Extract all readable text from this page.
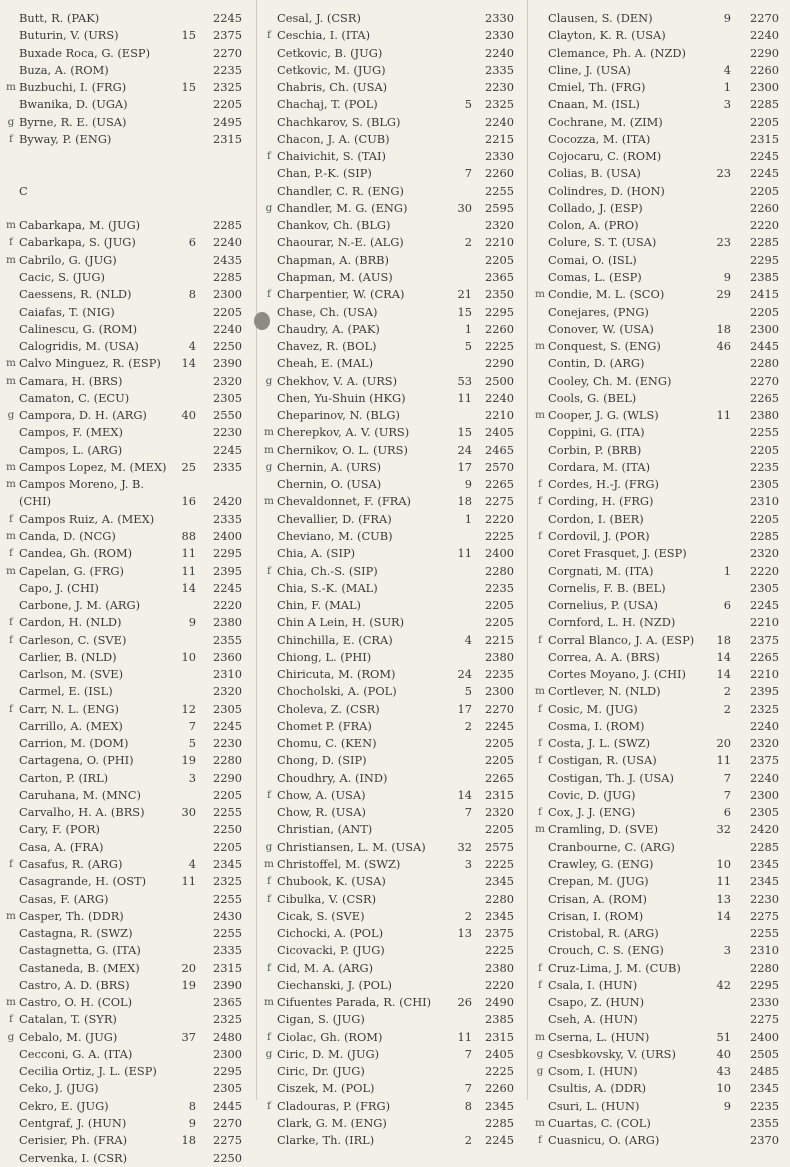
Butt, R. (PAK)	2245
Buturin, V. (URS)	15	2375
Buxade Roca, G. (ESP)	2270
Buza, A. (ROM)	2235
m Buzbuchi, I. (FRG)	15	2325
Bwanika, D. (UGA)	2205
g Byrne, R. E. (USA)	2495
f Byway, P. (ENG)	2315
C
m Cabarkapa, M. (JUG)	2285
f Cabarkapa, S. (JUG)	6	2240
m Cabrilo, G. (JUG)	2435
Cacic, S. (JUG)	2285
Caessens, R. (NLD)	8	2300
Caiafas, T. (NIG)	2205
Calinescu, G. (ROM)	2240
Calogridis, M. (USA)	4	2250
m Calvo Minguez, R. (ESP)	14	2390
m Camara, H. (BRS)	2320
Camaton, C. (ECU)	2305
g Campora, D. H. (ARG)	40	2550
Campos, F. (MEX)	2230
Campos, L. (ARG)	2245
m Campos Lopez, M. (MEX)	25	2335
m Campos Moreno, J. B.
(CHI)	16	2420
f Campos Ruiz, A. (MEX)	2335
m Canda, D. (NCG)	88	2400
f Candea, Gh. (ROM)	11	2295
m Capelan, G. (FRG)	11	2395
Capo, J. (CHI)	14	2245
Carbone, J. M. (ARG)	2220
f Cardon, H. (NLD)	9	2380
f Carleson, C. (SVE)	2355
Carlier, B. (NLD)	10	2360
Carlson, M. (SVE)	2310
Carmel, E. (ISL)	2320
f Carr, N. L. (ENG)	12	2305
Carrillo, A. (MEX)	7	2245
Carrion, M. (DOM)	5	2230
Cartagena, O. (PHI)	19	2280
Carton, P. (IRL)	3	2290
Caruhana, M. (MNC)	2205
Carvalho, H. A. (BRS)	30	2255
Cary, F. (POR)	2250
Casa, A. (FRA)	2205
f Casafus, R. (ARG)	4	2345
Casagrande, H. (OST)	11	2325
Casas, F. (ARG)	2255
m Casper, Th. (DDR)	2430
Castagna, R. (SWZ)	2255
Castagnetta, G. (ITA)	2335
Castaneda, B. (MEX)	20	2315
Castro, A. D. (BRS)	19	2390
m Castro, O. H. (COL)	2365
f Catalan, T. (SYR)	2325
g Cebalo, M. (JUG)	37	2480
Cecconi, G. A. (ITA)	2300
Cecilia Ortiz, J. L. (ESP)	2295
Ceko, J. (JUG)	2305
Cekro, E. (JUG)	8	2445
Centgraf, J. (HUN)	9	2270
Cerisier, Ph. (FRA)	18	2275
Cervenka, I. (CSR)	2250
Cesal, J. (CSR)	2330
f Ceschia, I. (ITA)	2330
Cetkovic, B. (JUG)	2240
Cetkovic, M. (JUG)	2335
Chabris, Ch. (USA)	2230
Chachaj, T. (POL)	5	2325
Chachkarov, S. (BLG)	2240
Chacon, J. A. (CUB)	2215
f Chaivichit, S. (TAI)	2330
Chan, P.-K. (SIP)	7	2260
Chandler, C. R. (ENG)	2255
g Chandler, M. G. (ENG)	30	2595
Chankov, Ch. (BLG)	2320
Chaourar, N.-E. (ALG)	2	2210
Chapman, A. (BRB)	2205
Chapman, M. (AUS)	2365
f Charpentier, W. (CRA)	21	2350
Chase, Ch. (USA)	15	2295
Chaudry, A. (PAK)	1	2260
Chavez, R. (BOL)	5	2225
Cheah, E. (MAL)	2290
g Chekhov, V. A. (URS)	53	2500
Chen, Yu-Shuin (HKG)	11	2240
Cheparinov, N. (BLG)	2210
m Cherepkov, A. V. (URS)	15	2405
m Chernikov, O. L. (URS)	24	2465
g Chernin, A. (URS)	17	2570
Chernin, O. (USA)	9	2265
m Chevaldonnet, F. (FRA)	18	2275
Chevallier, D. (FRA)	1	2220
Cheviano, M. (CUB)	2225
Chia, A. (SIP)	11	2400
f Chia, Ch.-S. (SIP)	2280
Chia, S.-K. (MAL)	2235
Chin, F. (MAL)	2205
Chin A Lein, H. (SUR)	2205
Chinchilla, E. (CRA)	4	2215
Chiong, L. (PHI)	2380
Chiricuta, M. (ROM)	24	2235
Chocholski, A. (POL)	5	2300
Choleva, Z. (CSR)	17	2270
Chomet P. (FRA)	2	2245
Chomu, C. (KEN)	2205
Chong, D. (SIP)	2205
Choudhry, A. (IND)	2265
f Chow, A. (USA)	14	2315
Chow, R. (USA)	7	2320
Christian, (ANT)	2205
g Christiansen, L. M. (USA)	32	2575
m Christoffel, M. (SWZ)	3	2225
f Chubook, K. (USA)	2345
f Cibulka, V. (CSR)	2280
Cicak, S. (SVE)	2	2345
Cichocki, A. (POL)	13	2375
Cicovacki, P. (JUG)	2225
f Cid, M. A. (ARG)	2380
Ciechanski, J. (POL)	2220
m Cifuentes Parada, R. (CHI)	26	2490
Cigan, S. (JUG)	2385
f Ciolac, Gh. (ROM)	11	2315
g Ciric, D. M. (JUG)	7	2405
Ciric, Dr. (JUG)	2225
Ciszek, M. (POL)	7	2260
f Cladouras, P. (FRG)	8	2345
Clark, G. M. (ENG)	2285
Clarke, Th. (IRL)	2	2245
Clausen, S. (DEN)	9	2270
Clayton, K. R. (USA)	2240
Clemance, Ph. A. (NZD)	2290
Cline, J. (USA)	4	2260
Cmiel, Th. (FRG)	1	2300
Cnaan, M. (ISL)	3	2285
Cochrane, M. (ZIM)	2205
Cocozza, M. (ITA)	2315
Cojocaru, C. (ROM)	2245
Colias, B. (USA)	23	2245
Colindres, D. (HON)	2205
Collado, J. (ESP)	2260
Colon, A. (PRO)	2220
Colure, S. T. (USA)	23	2285
Comai, O. (ISL)	2295
Comas, L. (ESP)	9	2385
m Condie, M. L. (SCO)	29	2415
Conejares, (PNG)	2205
Conover, W. (USA)	18	2300
m Conquest, S. (ENG)	46	2445
Contin, D. (ARG)	2280
Cooley, Ch. M. (ENG)	2270
Cools, G. (BEL)	2265
m Cooper, J. G. (WLS)	11	2380
Coppini, G. (ITA)	2255
Corbin, P. (BRB)	2205
Cordara, M. (ITA)	2235
f Cordes, H.-J. (FRG)	2305
f Cording, H. (FRG)	2310
Cordon, I. (BER)	2205
f Cordovil, J. (POR)	2285
Coret Frasquet, J. (ESP)	2320
Corgnati, M. (ITA)	1	2220
Cornelis, F. B. (BEL)	2305
Cornelius, P. (USA)	6	2245
Cornford, L. H. (NZD)	2210
f Corral Blanco, J. A. (ESP)	18	2375
Correa, A. A. (BRS)	14	2265
Cortes Moyano, J. (CHI)	14	2210
m Cortlever, N. (NLD)	2	2395
f Cosic, M. (JUG)	2	2325
Cosma, I. (ROM)	2240
f Costa, J. L. (SWZ)	20	2320
f Costigan, R. (USA)	11	2375
Costigan, Th. J. (USA)	7	2240
Covic, D. (JUG)	7	2300
f Cox, J. J. (ENG)	6	2305
m Cramling, D. (SVE)	32	2420
Cranbourne, C. (ARG)	2285
Crawley, G. (ENG)	10	2345
Crepan, M. (JUG)	11	2345
Crisan, A. (ROM)	13	2230
Crisan, I. (ROM)	14	2275
Cristobal, R. (ARG)	2255
Crouch, C. S. (ENG)	3	2310
f Cruz-Lima, J. M. (CUB)	2280
f Csala, I. (HUN)	42	2295
Csapo, Z. (HUN)	2330
Cseh, A. (HUN)	2275
m Cserna, L. (HUN)	51	2400
g Csesbkovsky, V. (URS)	40	2505
g Csom, I. (HUN)	43	2485
Csultis, A. (DDR)	10	2345
Csuri, L. (HUN)	9	2235
m Cuartas, C. (COL)	2355
f Cuasnicu, O. (ARG)	2370
